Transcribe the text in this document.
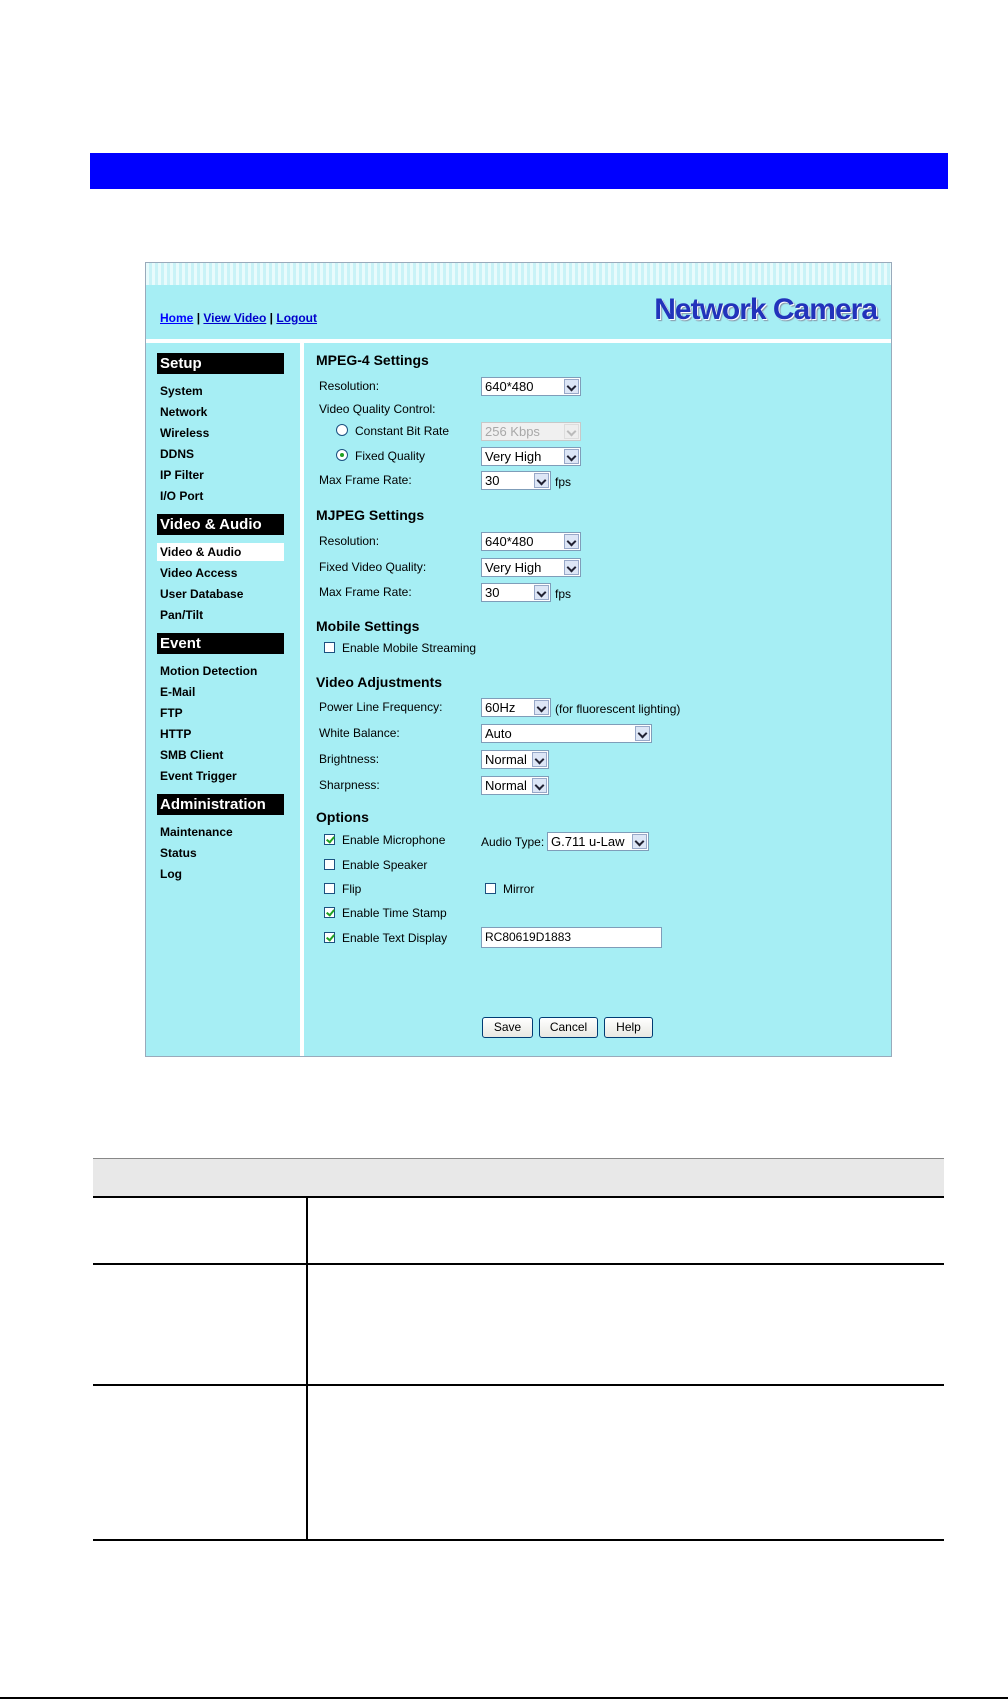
Home | View Video | Logout	Network Camera
Setup
System
Network
Wireless
DDNS
IP Filter
I/O Port
Video & Audio
Video & Audio
Video Access
User Database
Pan/Tilt
Event
Motion Detection
E-Mail
FTP
HTTP
SMB Client
Event Trigger
Administration
Maintenance
Status
Log
MPEG-4 Settings
Resolution:	640*480
Video Quality Control:
Constant Bit Rate	256 Kbps
Fixed Quality	Very High
Max Frame Rate:	30	fps
MJPEG Settings
Resolution:	640*480
Fixed Video Quality:	Very High
Max Frame Rate:	30	fps
Mobile Settings
Enable Mobile Streaming
Video Adjustments
Power Line Frequency:	60Hz	(for fluorescent lighting)
White Balance:	Auto
Brightness:	Normal
Sharpness:	Normal
Options
Enable Microphone	Audio Type: G.711 u-Law
Enable Speaker
Flip	Mirror
Enable Time Stamp
Enable Text Display	RC80619D1883
Save	Cancel	Help
